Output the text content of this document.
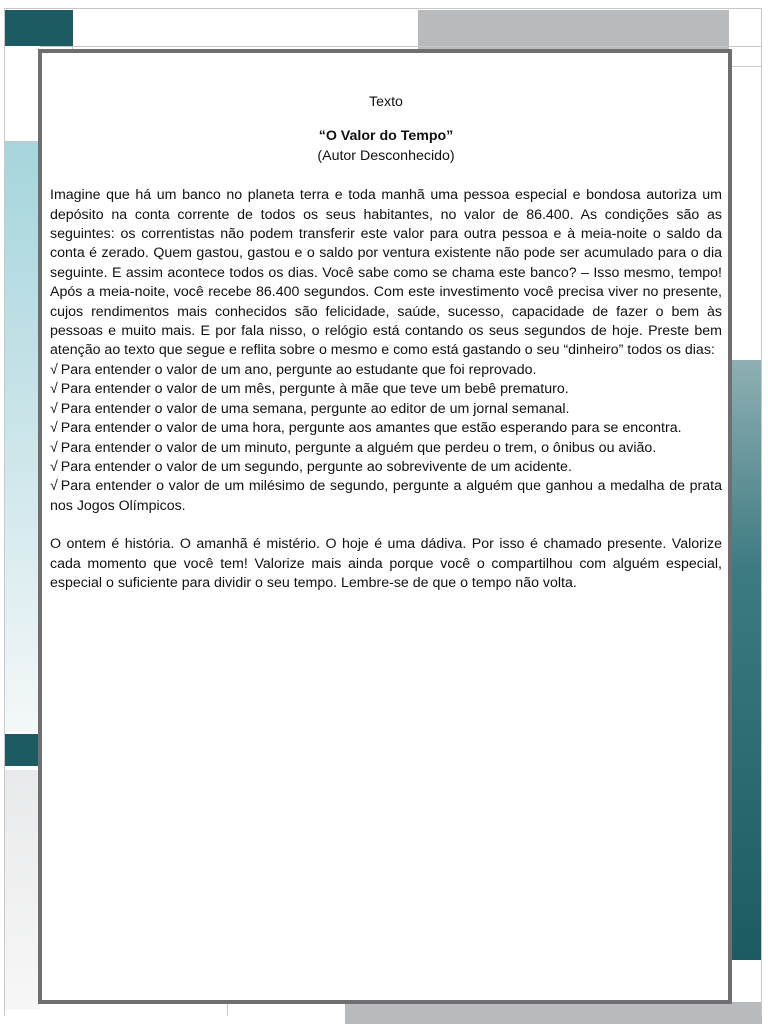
Texto

“O Valor do Tempo”

(Autor Desconhecido)

Imagine que há um banco no planeta terra e toda manhã uma pessoa especial e bondosa autoriza um depósito na conta corrente de todos os seus habitantes, no valor de 86.400. As condições são as seguintes: os correntistas não podem transferir este valor para outra pessoa e à meia-noite o saldo da conta é zerado. Quem gastou, gastou e o saldo por ventura existente não pode ser acumulado para o dia seguinte. E assim acontece todos os dias. Você sabe como se chama este banco? – Isso mesmo, tempo! Após a meia-noite, você recebe 86.400 segundos. Com este investimento você precisa viver no presente, cujos rendimentos mais conhecidos são felicidade, saúde, sucesso, capacidade de fazer o bem às pessoas e muito mais. E por fala nisso, o relógio está contando os seus segundos de hoje. Preste bem atenção ao texto que segue e reflita sobre o mesmo e como está gastando o seu “dinheiro” todos os dias:

√ Para entender o valor de um ano, pergunte ao estudante que foi reprovado.
√ Para entender o valor de um mês, pergunte à mãe que teve um bebê prematuro.
√ Para entender o valor de uma semana, pergunte ao editor de um jornal semanal.
√ Para entender o valor de uma hora, pergunte aos amantes que estão esperando para se encontra.
√ Para entender o valor de um minuto, pergunte a alguém que perdeu o trem, o ônibus ou avião.
√ Para entender o valor de um segundo, pergunte ao sobrevivente de um acidente.
√ Para entender o valor de um milésimo de segundo, pergunte a alguém que ganhou a medalha de prata nos Jogos Olímpicos.

O ontem é história. O amanhã é mistério. O hoje é uma dádiva. Por isso é chamado presente. Valorize cada momento que você tem! Valorize mais ainda porque você o compartilhou com alguém especial, especial o suficiente para dividir o seu tempo. Lembre-se de que o tempo não volta.
